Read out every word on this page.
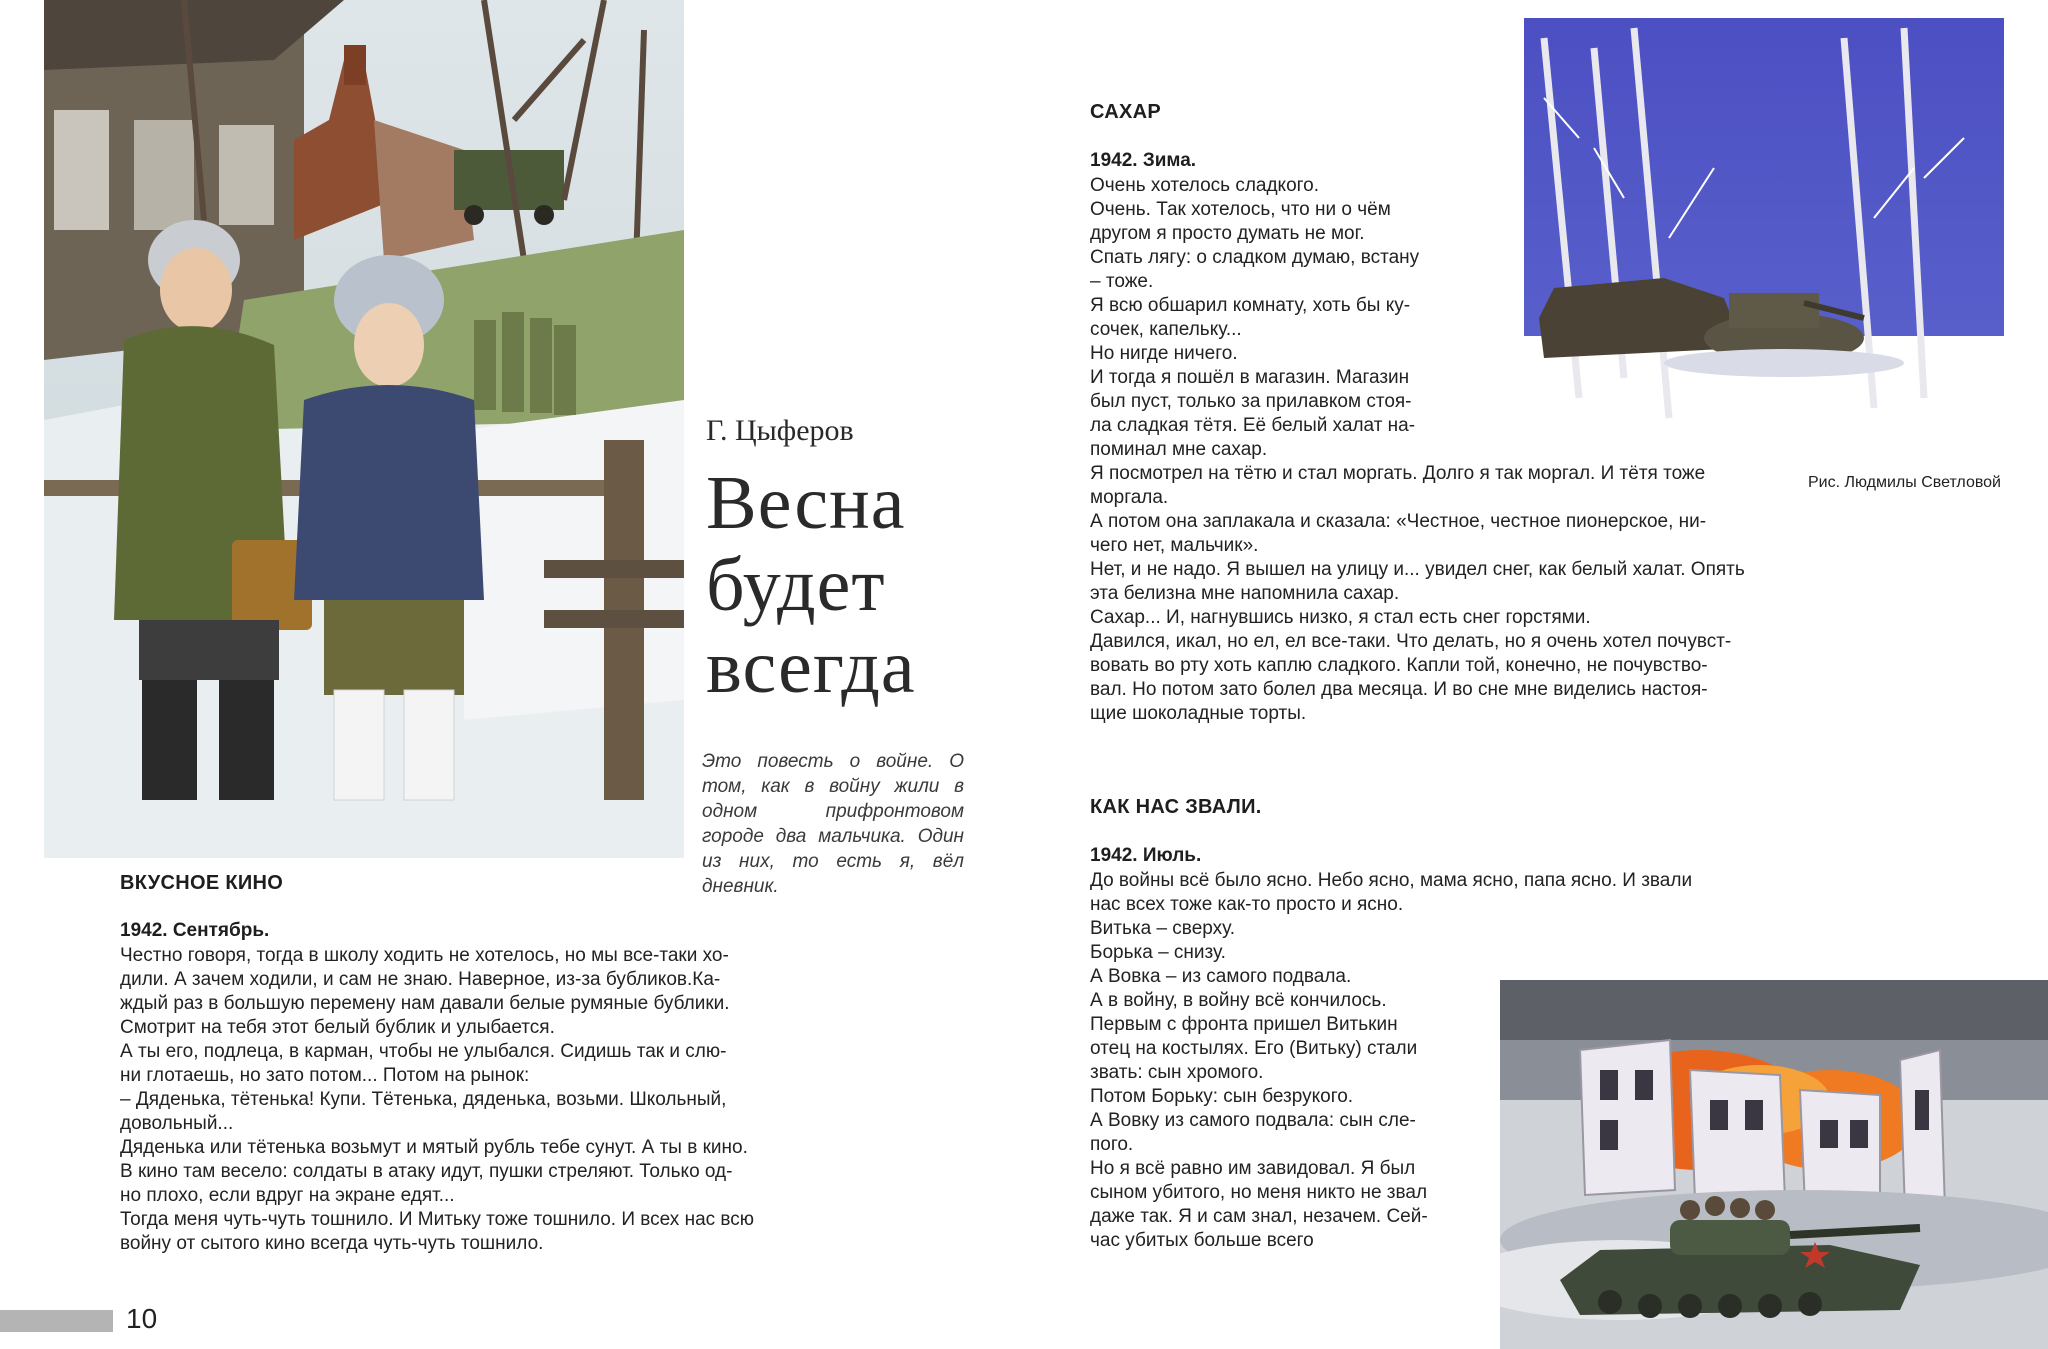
Г. Цыферов
Весна
будет
всегда
Это повесть о войне. О том, как в войну жили в одном прифронтовом городе два мальчика. Один из них, то есть я, вёл дневник.
ВКУСНОЕ КИНО
1942. Сентябрь.
Честно говоря, тогда в школу ходить не хотелось, но мы все-таки хо-
дили. А зачем ходили, и сам не знаю. Наверное, из-за бубликов.Ка-
ждый раз в большую перемену нам давали белые румяные бублики.
Смотрит на тебя этот белый бублик и улыбается.
А ты его, подлеца, в карман, чтобы не улыбался. Сидишь так и слю-
ни глотаешь, но зато потом... Потом на рынок:
– Дяденька, тётенька! Купи. Тётенька, дяденька, возьми. Школьный,
довольный...
Дяденька или тётенька возьмут и мятый рубль тебе сунут. А ты в кино.
В кино там весело: солдаты в атаку идут, пушки стреляют. Только од-
но плохо, если вдруг на экране едят...
Тогда меня чуть-чуть тошнило. И Митьку тоже тошнило. И всех нас всю
войну от сытого кино всегда чуть-чуть тошнило.
САХАР
1942. Зима.
Очень хотелось сладкого.
Очень. Так хотелось, что ни о чём
другом я просто думать не мог.
Спать лягу: о сладком думаю, встану
– тоже.
Я всю обшарил комнату, хоть бы ку-
сочек, капельку...
Но нигде ничего.
И тогда я пошёл в магазин. Магазин
был пуст, только за прилавком стоя-
ла сладкая тётя. Её белый халат на-
поминал мне сахар.
Я посмотрел на тётю и стал моргать. Долго я так моргал. И тётя тоже
моргала.
А потом она заплакала и сказала: «Честное, честное пионерское, ни-
чего нет, мальчик».
Нет, и не надо. Я вышел на улицу и... увидел снег, как белый халат. Опять
эта белизна мне напомнила сахар.
Сахар... И, нагнувшись низко, я стал есть снег горстями.
Давился, икал, но ел, ел все-таки. Что делать, но я очень хотел почувст-
вовать во рту хоть каплю сладкого. Капли той, конечно, не почувство-
вал. Но потом зато болел два месяца. И во сне мне виделись настоя-
щие шоколадные торты.
Рис. Людмилы Светловой
КАК НАС ЗВАЛИ.
1942. Июль.
До войны всё было ясно. Небо ясно, мама ясно, папа ясно. И звали
нас всех тоже как-то просто и ясно.
Витька – сверху.
Борька – снизу.
А Вовка – из самого подвала.
А в войну, в войну всё кончилось.
Первым с фронта пришел Витькин
отец на костылях. Его (Витьку) стали
звать: сын хромого.
Потом Борьку: сын безрукого.
А Вовку из самого подвала: сын сле-
пого.
Но я всё равно им завидовал. Я был
сыном убитого, но меня никто не звал
даже так. Я и сам знал, незачем. Сей-
час убитых больше всего
10
